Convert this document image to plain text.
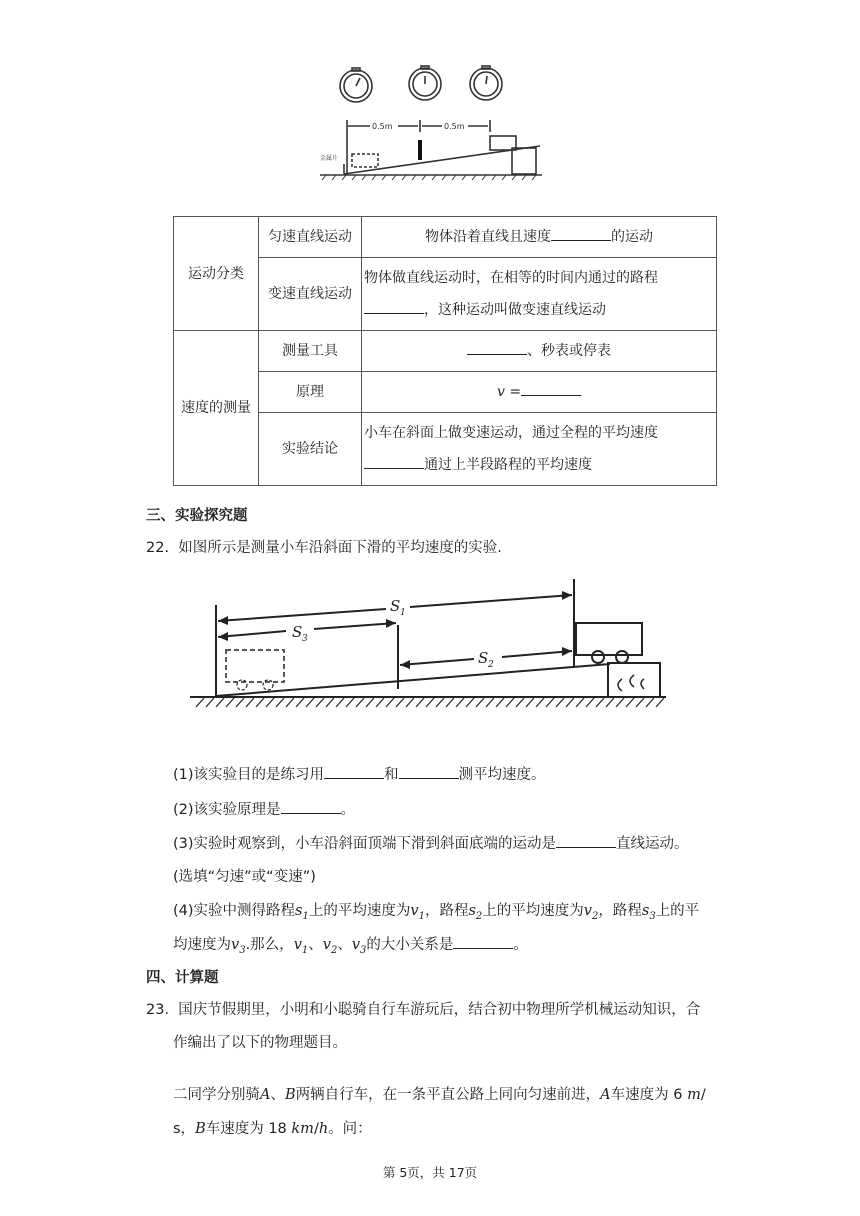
0.5m	0.5m
金属片
运动分类	匀速直线运动	物体沿着直线且速度 的运动
	变速直线运动	物体做直线运动时，在相等的时间内通过的路程
，这种运动叫做变速直线运动
速度的测量	测量工具	、秒表或停表
	原理	v =
	实验结论	小车在斜面上做变速运动，通过全程的平均速度
通过上半段路程的平均速度
三、实验探究题
22. 如图所示是测量小车沿斜面下滑的平均速度的实验.
S 1
S 3
S 2
(1)该实验目的是练习用	和	测平均速度。
(2)该实验原理是	。
(3)实验时观察到，小车沿斜面顶端下滑到斜面底端的运动是	直线运动。
(选填“匀速”或“变速”)
(4)实验中测得路程$s_1$上的平均速度为$v_1$，路程$s_2$上的平均速度为$v_2$，路程$s_3$上的平
均速度为$v_3$.那么，$v_1$、$v_2$、$v_3$的大小关系是	。
四、计算题
23. 国庆节假期里，小明和小聪骑自行车游玩后，结合初中物理所学机械运动知识，合
作编出了以下的物理题目。
二同学分别骑A、B两辆自行车，在一条平直公路上同向匀速前进，A车速度为 6 m/
s，B车速度为 18 km/h。问：
第 5页，共 17页
